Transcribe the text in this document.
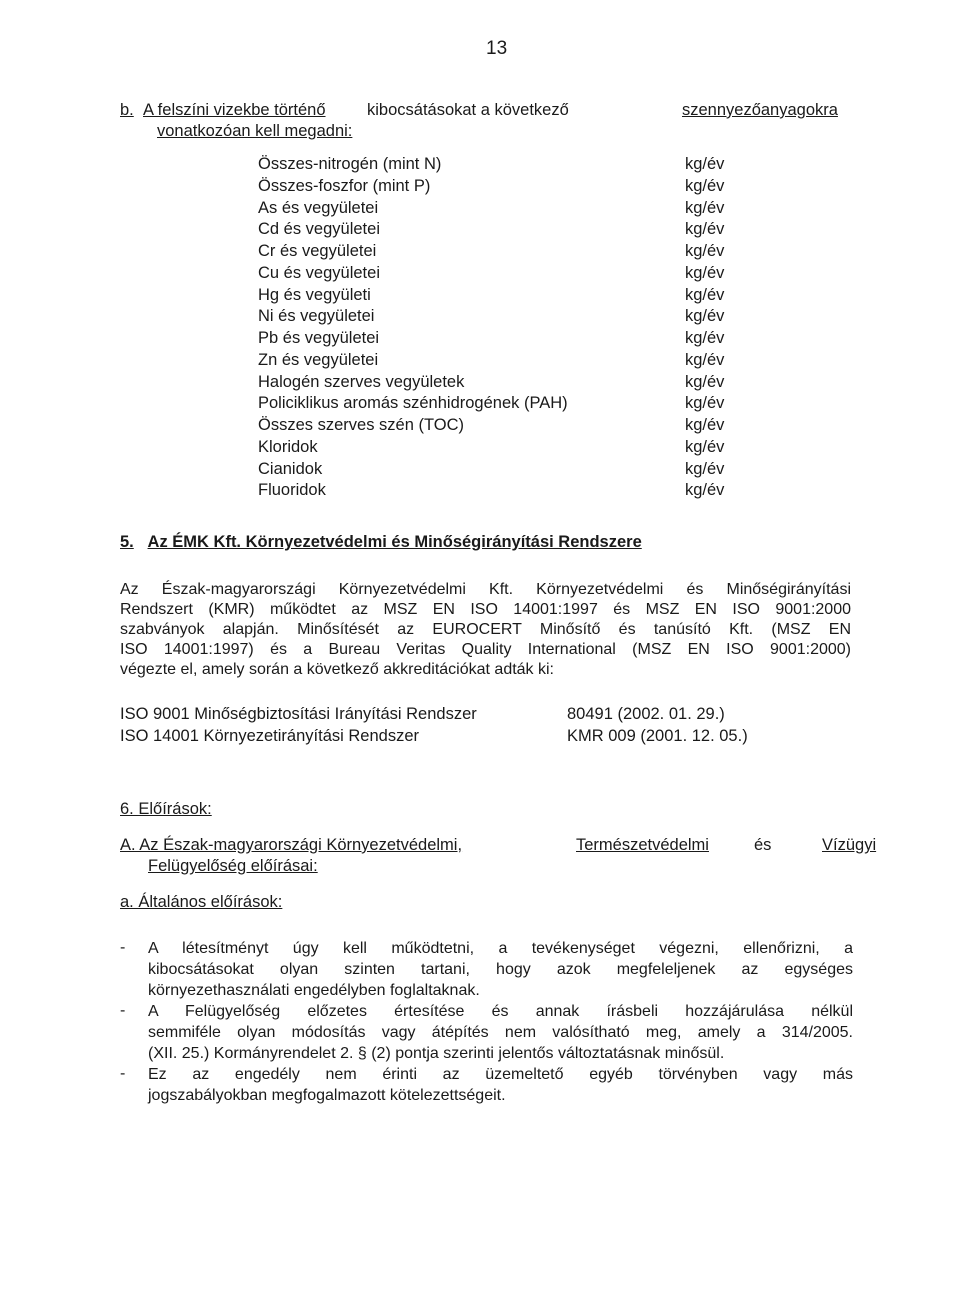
13
b. A felszíni vizekbe történő	kibocsátásokat a következő	szennyezőanyagokra
vonatkozóan kell megadni:
Összes-nitrogén (mint N)	kg/év
Összes-foszfor (mint P)	kg/év
As és vegyületei	kg/év
Cd és vegyületei	kg/év
Cr és vegyületei	kg/év
Cu és vegyületei	kg/év
Hg és vegyületi	kg/év
Ni és vegyületei	kg/év
Pb és vegyületei	kg/év
Zn és vegyületei	kg/év
Halogén szerves vegyületek	kg/év
Policiklikus aromás szénhidrogének (PAH)	kg/év
Összes szerves szén (TOC)	kg/év
Kloridok	kg/év
Cianidok	kg/év
Fluoridok	kg/év
5. Az ÉMK Kft. Környezetvédelmi és Minőségirányítási Rendszere
Az Észak-magyarországi Környezetvédelmi Kft. Környezetvédelmi és Minőségirányítási
Rendszert (KMR) működtet az MSZ EN ISO 14001:1997 és MSZ EN ISO 9001:2000
szabványok alapján. Minősítését az EUROCERT Minősítő és tanúsító Kft. (MSZ EN
ISO 14001:1997) és a Bureau Veritas Quality International (MSZ EN ISO 9001:2000)
végezte el, amely során a következő akkreditációkat adták ki:
ISO 9001 Minőségbiztosítási Irányítási Rendszer	80491 (2002. 01. 29.)
ISO 14001 Környezetirányítási Rendszer	KMR 009 (2001. 12. 05.)
6. Előírások:
A. Az Észak-magyarországi Környezetvédelmi,	Természetvédelmi	és	Vízügyi
Felügyelőség előírásai:
a. Általános előírások:
- A létesítményt úgy kell működtetni, a tevékenységet végezni, ellenőrizni, a
kibocsátásokat olyan szinten tartani, hogy azok megfeleljenek az egységes
környezethasználati engedélyben foglaltaknak.
- A Felügyelőség előzetes értesítése és annak írásbeli hozzájárulása nélkül
semmiféle olyan módosítás vagy átépítés nem valósítható meg, amely a 314/2005.
(XII. 25.) Kormányrendelet 2. § (2) pontja szerinti jelentős változtatásnak minősül.
- Ez az engedély nem érinti az üzemeltető egyéb törvényben vagy más
jogszabályokban megfogalmazott kötelezettségeit.
